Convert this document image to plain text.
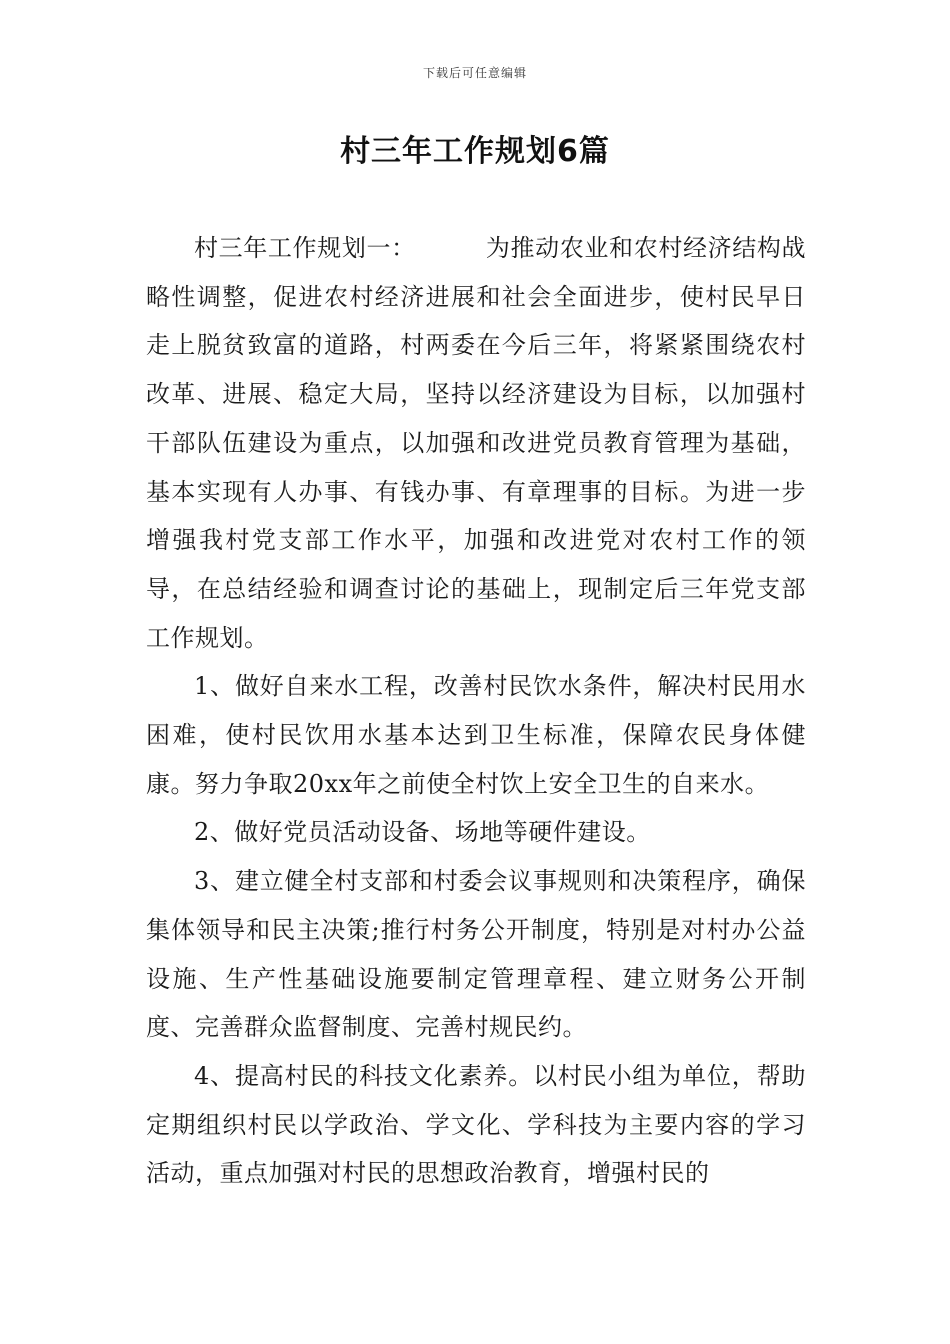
下载后可任意编辑
村三年工作规划6篇

村三年工作规划一：	为推动农业和农村经济结构战略性调整，促进农村经济进展和社会全面进步，使村民早日走上脱贫致富的道路，村两委在今后三年，将紧紧围绕农村改革、进展、稳定大局，坚持以经济建设为目标，以加强村干部队伍建设为重点，以加强和改进党员教育管理为基础，基本实现有人办事、有钱办事、有章理事的目标。为进一步增强我村党支部工作水平，加强和改进党对农村工作的领导，在总结经验和调查讨论的基础上，现制定后三年党支部工作规划。

1、做好自来水工程，改善村民饮水条件，解决村民用水困难，使村民饮用水基本达到卫生标准，保障农民身体健康。努力争取20xx年之前使全村饮上安全卫生的自来水。

2、做好党员活动设备、场地等硬件建设。

3、建立健全村支部和村委会议事规则和决策程序，确保集体领导和民主决策;推行村务公开制度，特别是对村办公益设施、生产性基础设施要制定管理章程、建立财务公开制度、完善群众监督制度、完善村规民约。

4、提高村民的科技文化素养。以村民小组为单位，帮助定期组织村民以学政治、学文化、学科技为主要内容的学习活动，重点加强对村民的思想政治教育，增强村民的
